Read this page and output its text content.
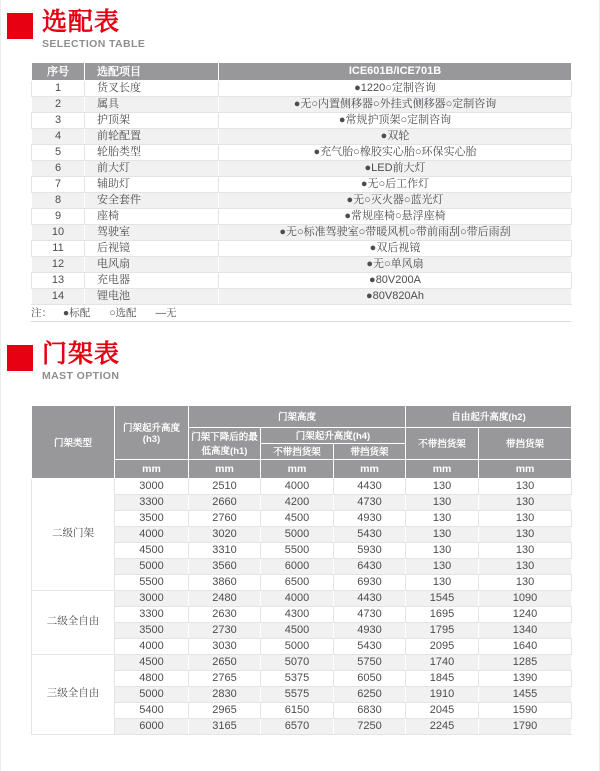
选配表
SELECTION TABLE
序号	选配项目	ICE601B/ICE701B
1	货叉长度	●1220○定制咨询
2	属具	●无○内置侧移器○外挂式侧移器○定制咨询
3	护顶架	●常规护顶架○定制咨询
4	前轮配置	●双轮
5	轮胎类型	●充气胎○橡胶实心胎○环保实心胎
6	前大灯	●LED前大灯
7	辅助灯	●无○后工作灯
8	安全套件	●无○灭火器○蓝光灯
9	座椅	●常规座椅○悬浮座椅
10	驾驶室	●无○标准驾驶室○带暖风机○带前雨刮○带后雨刮
11	后视镜	●双后视镜
12	电风扇	●无○单风扇
13	充电器	●80V200A
14	锂电池	●80V820Ah
注： ●标配 ○选配 —无
门架表
MAST OPTION
门架类型	门架起升高度(h3)	门架高度			自由起升高度(h2)	
		门架下降后的最低高度(h1)	门架起升高度(h4)		不带挡货架	带挡货架
			不带挡货架	带挡货架		
	mm	mm	mm	mm	mm	mm
二级门架	3000	2510	4000	4430	130	130
	3300	2660	4200	4730	130	130
	3500	2760	4500	4930	130	130
	4000	3020	5000	5430	130	130
	4500	3310	5500	5930	130	130
	5000	3560	6000	6430	130	130
	5500	3860	6500	6930	130	130
二级全自由	3000	2480	4000	4430	1545	1090
	3300	2630	4300	4730	1695	1240
	3500	2730	4500	4930	1795	1340
	4000	3030	5000	5430	2095	1640
三级全自由	4500	2650	5070	5750	1740	1285
	4800	2765	5375	6050	1845	1390
	5000	2830	5575	6250	1910	1455
	5400	2965	6150	6830	2045	1590
	6000	3165	6570	7250	2245	1790
